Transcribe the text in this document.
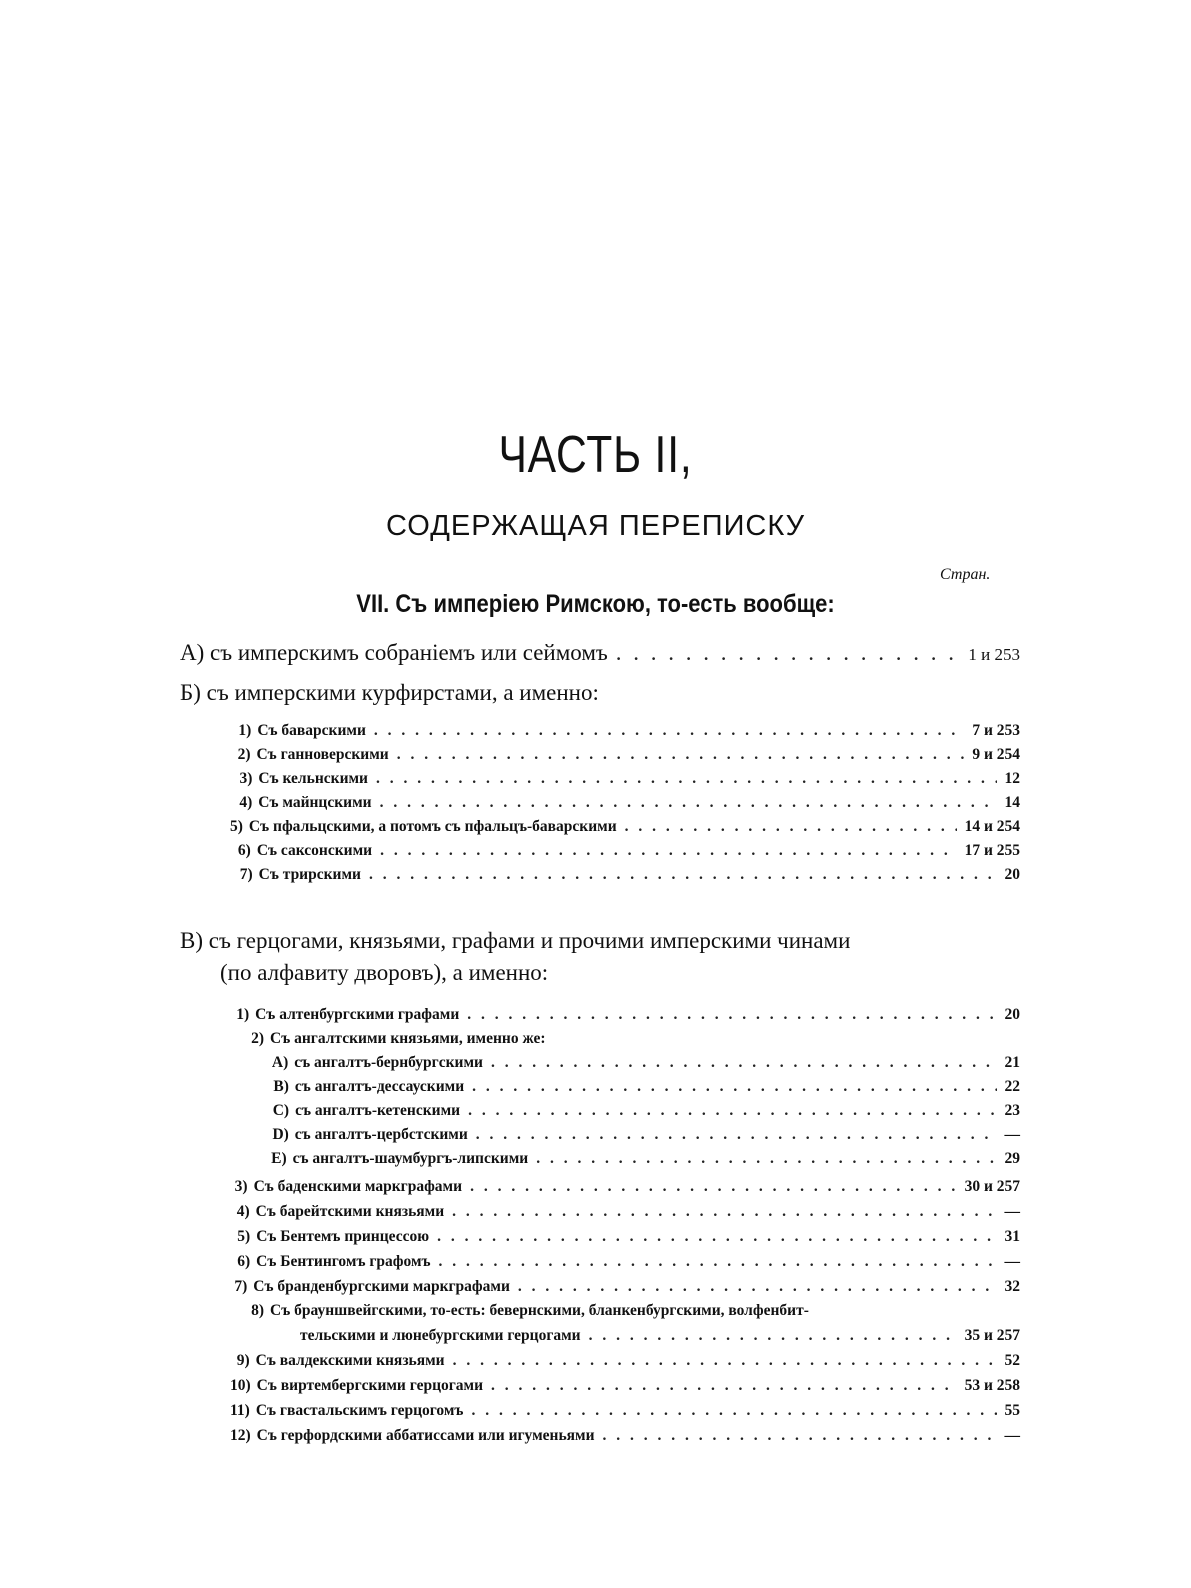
ЧАСТЬ II,
СОДЕРЖАЩАЯ ПЕРЕПИСКУ
Стран.
VII. Съ имперiею Римскою, то-есть вообще:
А) съ имперскимъ собранiемъ или сеймомъ . . .	1 и 253
Б) съ имперскими курфирстами, а именно:
1) Съ баварскими . . .	7 и 253
2) Съ ганноверскими . . .	9 и 254
3) Съ кельнскими . . .	12
4) Съ майнцскими . . .	14
5) Съ пфальцскими, а потомъ съ пфальцъ-баварскими . . .	14 и 254
6) Съ саксонскими . . .	17 и 255
7) Съ трирскими . . .	20
В) съ герцогами, князьями, графами и прочими имперскими чинами
(по алфавиту дворовъ), а именно:
1) Съ алтенбургскими графами . . .	20
2) Съ ангалтскими князьями, именно же:
A) съ ангалтъ-бернбургскими . . .	21
B) съ ангалтъ-дессаускими . . .	22
C) съ ангалтъ-кетенскими . . .	23
D) съ ангалтъ-цербстскими . . .	—
E) съ ангалтъ-шаумбургъ-липскими . . .	29
3) Съ баденскими маркграфами . . .	30 и 257
4) Съ барейтскими князьями . . .	—
5) Съ Бентемъ принцессою . . .	31
6) Съ Бентингомъ графомъ . . .	—
7) Съ бранденбургскими маркграфами . . .	32
8) Съ брауншвейгскими, то-есть: бевернскими, бланкенбургскими, волфенбит-
тельскими и люнебургскими герцогами . . .	35 и 257
9) Съ валдекскими князьями . . .	52
10) Съ виртембергскими герцогами . . .	53 и 258
11) Съ гвастальскимъ герцогомъ . . .	55
12) Съ герфордскими аббатиссами или игуменьями . . .	—
